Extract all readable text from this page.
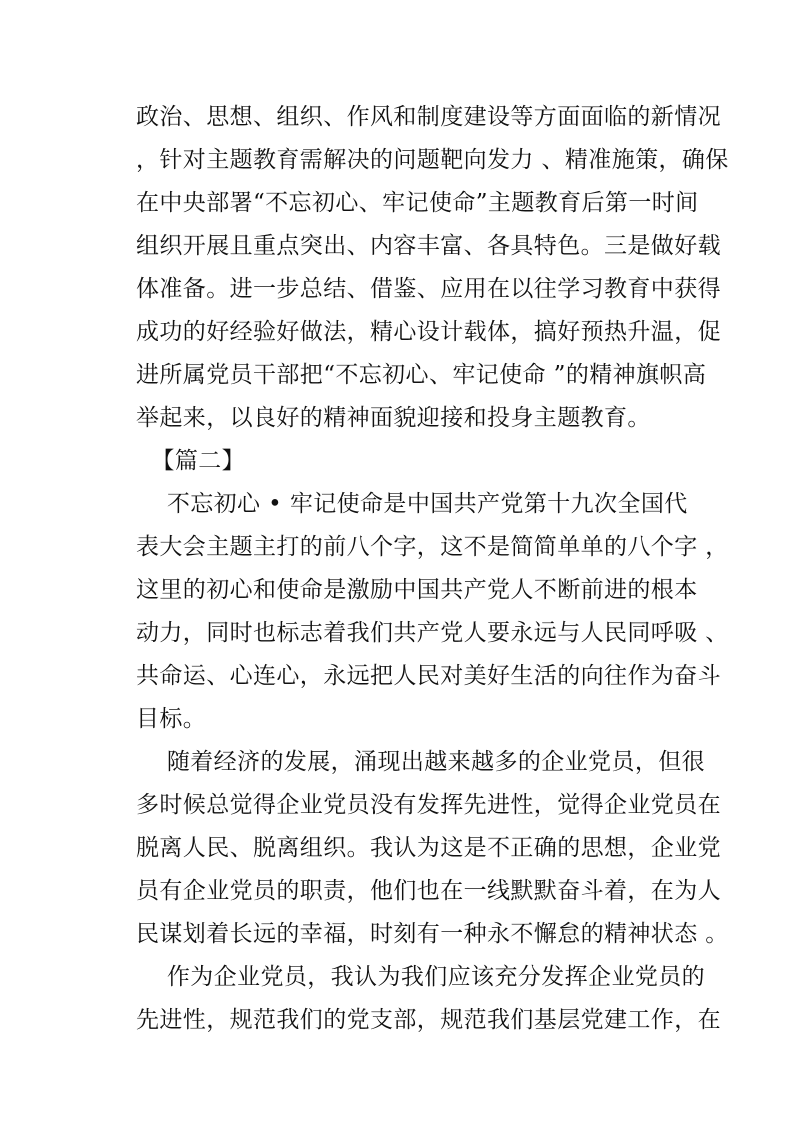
政治、思想、组织、作风和制度建设等方面面临的新情况
，针对主题教育需解决的问题靶向发力 、精准施策，确保
在中央部署“不忘初心、牢记使命”主题教育后第一时间
组织开展且重点突出、内容丰富、各具特色。三是做好载
体准备。进一步总结、借鉴、应用在以往学习教育中获得
成功的好经验好做法，精心设计载体，搞好预热升温，促
进所属党员干部把“不忘初心、牢记使命 ”的精神旗帜高
举起来，以良好的精神面貌迎接和投身主题教育。
【篇二】
不忘初心 • 牢记使命是中国共产党第十九次全国代
表大会主题主打的前八个字，这不是简简单单的八个字 ，
这里的初心和使命是激励中国共产党人不断前进的根本
动力，同时也标志着我们共产党人要永远与人民同呼吸 、
共命运、心连心，永远把人民对美好生活的向往作为奋斗
目标。
随着经济的发展，涌现出越来越多的企业党员，但很
多时候总觉得企业党员没有发挥先进性，觉得企业党员在
脱离人民、脱离组织。我认为这是不正确的思想，企业党
员有企业党员的职责，他们也在一线默默奋斗着，在为人
民谋划着长远的幸福，时刻有一种永不懈怠的精神状态 。
作为企业党员，我认为我们应该充分发挥企业党员的
先进性，规范我们的党支部，规范我们基层党建工作，在
